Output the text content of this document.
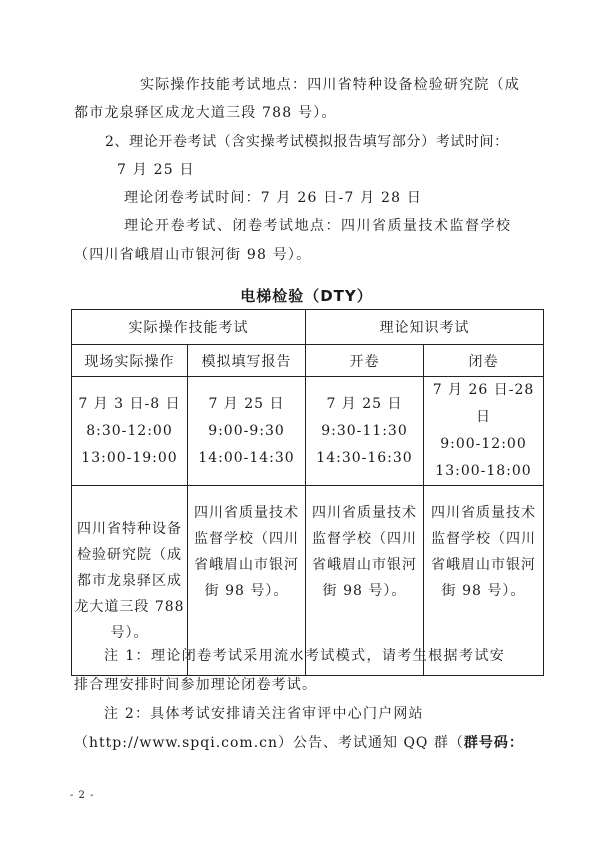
实际操作技能考试地点：四川省特种设备检验研究院（成
都市龙泉驿区成龙大道三段 788 号）。
2、理论开卷考试（含实操考试模拟报告填写部分）考试时间：
7 月 25 日
理论闭卷考试时间：7 月 26 日-7 月 28 日
理论开卷考试、闭卷考试地点：四川省质量技术监督学校
（四川省峨眉山市银河街 98 号）。
电梯检验（DTY）
实际操作技能考试		理论知识考试	
现场实际操作	模拟填写报告	开卷	闭卷

7 月 3 日-8 日
8:30-12:00
13:00-19:00	7 月 25 日
9:00-9:30
14:00-14:30	7 月 25 日
9:30-11:30
14:30-16:30	7 月 26 日-28 日
9:00-12:00
13:00-18:00

四川省特种设备检验研究院（成都市龙泉驿区成龙大道三段 788 号）。	四川省质量技术监督学校（四川省峨眉山市银河街 98 号）。	四川省质量技术监督学校（四川省峨眉山市银河街 98 号）。	四川省质量技术监督学校（四川省峨眉山市银河街 98 号）。
注 1：理论闭卷考试采用流水考试模式，请考生根据考试安
排合理安排时间参加理论闭卷考试。
注 2：具体考试安排请关注省审评中心门户网站
（http://www.spqi.com.cn）公告、考试通知 QQ 群（群号码：
- 2 -
